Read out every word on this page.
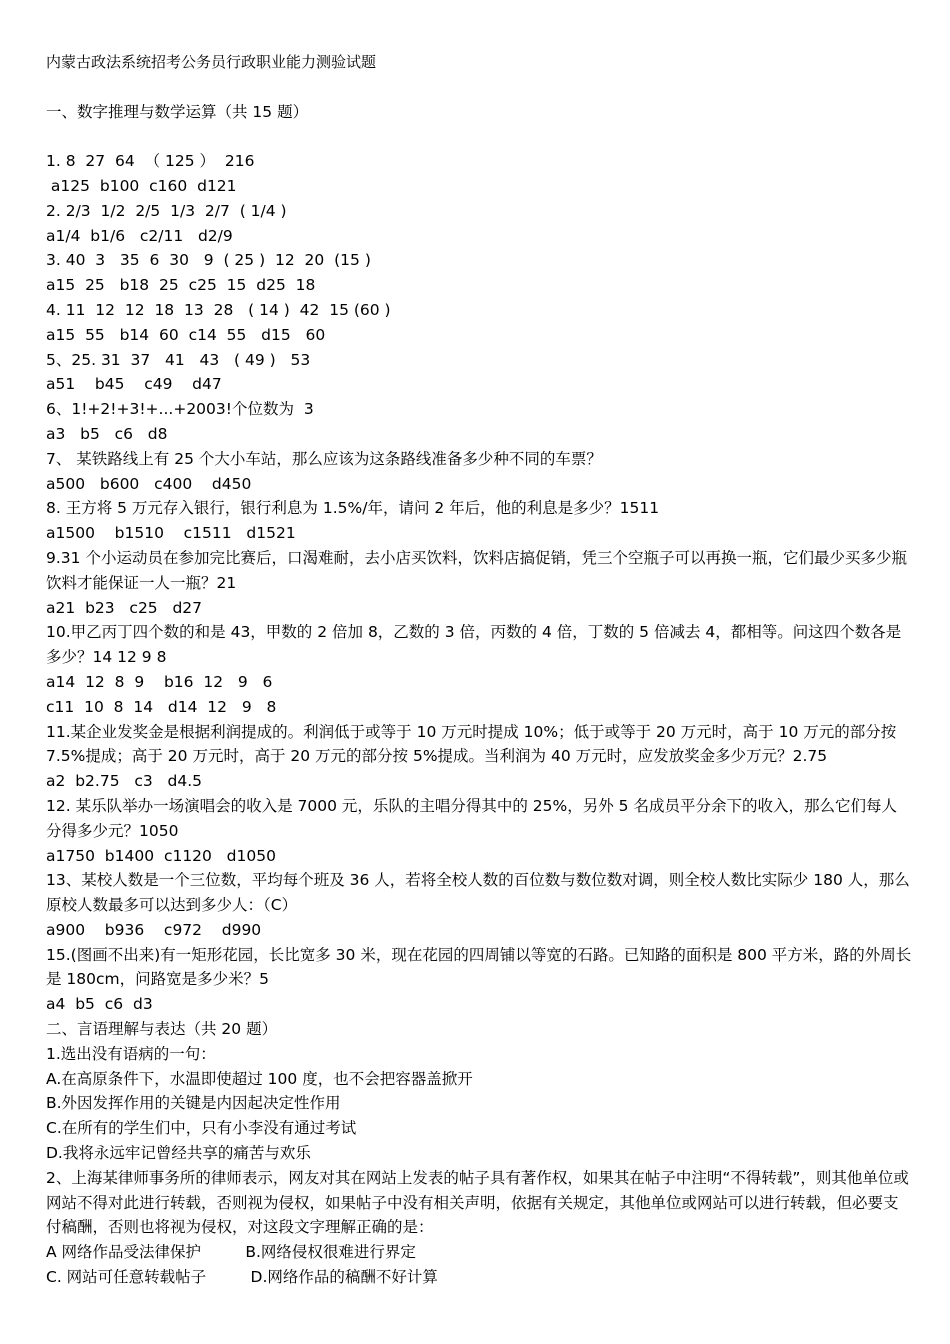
内蒙古政法系统招考公务员行政职业能力测验试题
一、数字推理与数学运算（共 15 题）
1. 8  27  64  （ 125 ）  216
a125  b100  c160  d121
2. 2/3  1/2  2/5  1/3  2/7  ( 1/4 )
a1/4  b1/6   c2/11   d2/9
3. 40  3   35  6  30   9  ( 25 )  12  20  (15 )
a15  25   b18  25  c25  15  d25  18
4. 11  12  12  18  13  28   ( 14 )  42  15 (60 )
a15  55   b14  60  c14  55   d15   60
5、25. 31  37   41   43   ( 49 )   53
a51    b45    c49    d47
6、1!+2!+3!+...+2003!个位数为  3
a3   b5   c6   d8
7、 某铁路线上有 25 个大小车站，那么应该为这条路线准备多少种不同的车票？
a500   b600   c400    d450
8. 王方将 5 万元存入银行，银行利息为 1.5%/年，请问 2 年后，他的利息是多少？1511
a1500    b1510    c1511   d1521
9.31 个小运动员在参加完比赛后，口渴难耐，去小店买饮料，饮料店搞促销，凭三个空瓶子可以再换一瓶，它们最少买多少瓶饮料才能保证一人一瓶？21
a21  b23   c25   d27
10.甲乙丙丁四个数的和是 43，甲数的 2 倍加 8，乙数的 3 倍，丙数的 4 倍，丁数的 5 倍减去 4，都相等。问这四个数各是多少？14 12 9 8
a14  12  8  9    b16  12   9   6
c11  10  8  14   d14  12   9   8
11.某企业发奖金是根据利润提成的。利润低于或等于 10 万元时提成 10%；低于或等于 20 万元时，高于 10 万元的部分按 7.5%提成；高于 20 万元时，高于 20 万元的部分按 5%提成。当利润为 40 万元时，应发放奖金多少万元？2.75
a2  b2.75   c3   d4.5
12. 某乐队举办一场演唱会的收入是 7000 元，乐队的主唱分得其中的 25%，另外 5 名成员平分余下的收入，那么它们每人分得多少元？1050
a1750  b1400  c1120   d1050
13、某校人数是一个三位数，平均每个班及 36 人，若将全校人数的百位数与数位数对调，则全校人数比实际少 180 人，那么原校人数最多可以达到多少人：（C）
a900    b936    c972    d990
15.(图画不出来)有一矩形花园，长比宽多 30 米，现在花园的四周铺以等宽的石路。已知路的面积是 800 平方米，路的外周长是 180cm，问路宽是多少米？5
a4  b5  c6  d3
二、言语理解与表达（共 20 题）
1.选出没有语病的一句：
A.在高原条件下，水温即使超过 100 度，也不会把容器盖掀开
B.外因发挥作用的关键是内因起决定性作用
C.在所有的学生们中，只有小李没有通过考试
D.我将永远牢记曾经共享的痛苦与欢乐
2、上海某律师事务所的律师表示，网友对其在网站上发表的帖子具有著作权，如果其在帖子中注明“不得转载”，则其他单位或网站不得对此进行转载，否则视为侵权，如果帖子中没有相关声明，依据有关规定，其他单位或网站可以进行转载，但必要支付稿酬，否则也将视为侵权，对这段文字理解正确的是：
A 网络作品受法律保护         B.网络侵权很难进行界定
C. 网站可任意转载帖子         D.网络作品的稿酬不好计算
